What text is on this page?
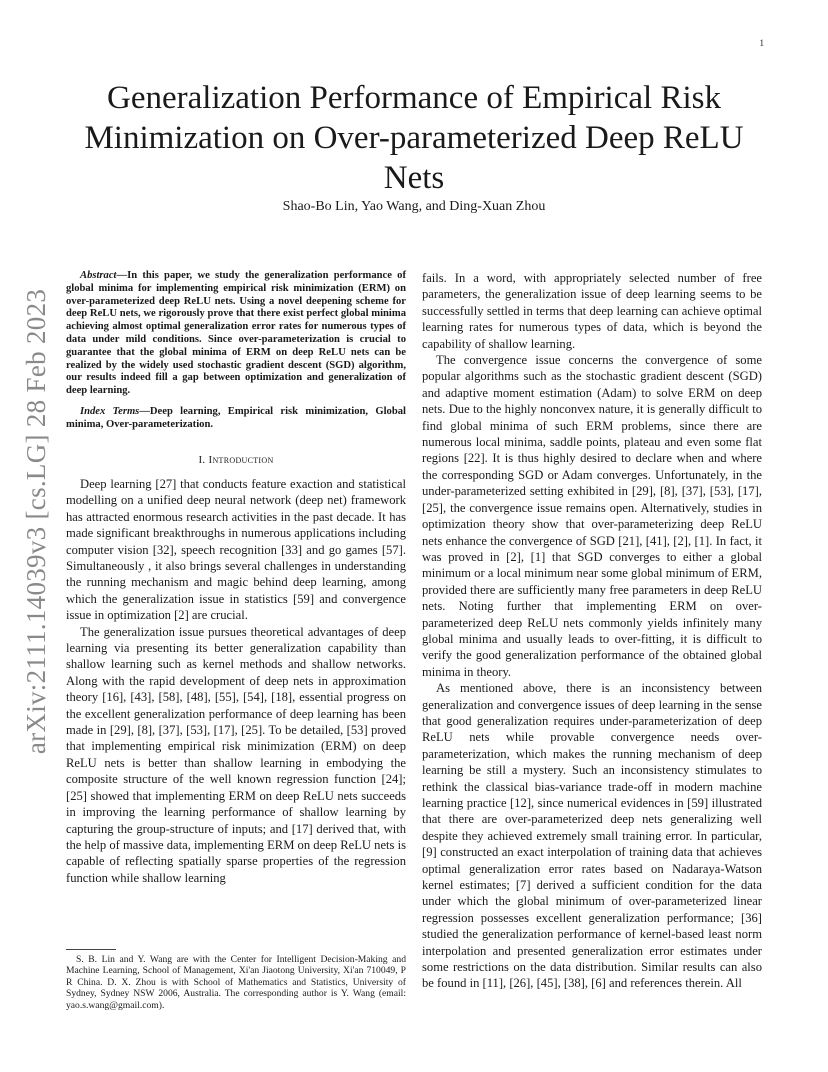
1
arXiv:2111.14039v3 [cs.LG] 28 Feb 2023
Generalization Performance of Empirical Risk Minimization on Over-parameterized Deep ReLU Nets
Shao-Bo Lin, Yao Wang, and Ding-Xuan Zhou

Abstract—In this paper, we study the generalization performance of global minima for implementing empirical risk minimization (ERM) on over-parameterized deep ReLU nets. Using a novel deepening scheme for deep ReLU nets, we rigorously prove that there exist perfect global minima achieving almost optimal generalization error rates for numerous types of data under mild conditions. Since over-parameterization is crucial to guarantee that the global minima of ERM on deep ReLU nets can be realized by the widely used stochastic gradient descent (SGD) algorithm, our results indeed fill a gap between optimization and generalization of deep learning.

Index Terms—Deep learning, Empirical risk minimization, Global minima, Over-parameterization.

I. Introduction

Deep learning [27] that conducts feature exaction and statistical modelling on a unified deep neural network (deep net) framework has attracted enormous research activities in the past decade. It has made significant breakthroughs in numerous applications including computer vision [32], speech recognition [33] and go games [57]. Simultaneously , it also brings several challenges in understanding the running mechanism and magic behind deep learning, among which the generalization issue in statistics [59] and convergence issue in optimization [2] are crucial.

The generalization issue pursues theoretical advantages of deep learning via presenting its better generalization capability than shallow learning such as kernel methods and shallow networks. Along with the rapid development of deep nets in approximation theory [16], [43], [58], [48], [55], [54], [18], essential progress on the excellent generalization performance of deep learning has been made in [29], [8], [37], [53], [17], [25]. To be detailed, [53] proved that implementing empirical risk minimization (ERM) on deep ReLU nets is better than shallow learning in embodying the composite structure of the well known regression function [24]; [25] showed that implementing ERM on deep ReLU nets succeeds in improving the learning performance of shallow learning by capturing the group-structure of inputs; and [17] derived that, with the help of massive data, implementing ERM on deep ReLU nets is capable of reflecting spatially sparse properties of the regression function while shallow learning

fails. In a word, with appropriately selected number of free parameters, the generalization issue of deep learning seems to be successfully settled in terms that deep learning can achieve optimal learning rates for numerous types of data, which is beyond the capability of shallow learning.

The convergence issue concerns the convergence of some popular algorithms such as the stochastic gradient descent (SGD) and adaptive moment estimation (Adam) to solve ERM on deep nets. Due to the highly nonconvex nature, it is generally difficult to find global minima of such ERM problems, since there are numerous local minima, saddle points, plateau and even some flat regions [22]. It is thus highly desired to declare when and where the corresponding SGD or Adam converges. Unfortunately, in the under-parameterized setting exhibited in [29], [8], [37], [53], [17], [25], the convergence issue remains open. Alternatively, studies in optimization theory show that over-parameterizing deep ReLU nets enhance the convergence of SGD [21], [41], [2], [1]. In fact, it was proved in [2], [1] that SGD converges to either a global minimum or a local minimum near some global minimum of ERM, provided there are sufficiently many free parameters in deep ReLU nets. Noting further that implementing ERM on over-parameterized deep ReLU nets commonly yields infinitely many global minima and usually leads to over-fitting, it is difficult to verify the good generalization performance of the obtained global minima in theory.

As mentioned above, there is an inconsistency between generalization and convergence issues of deep learning in the sense that good generalization requires under-parameterization of deep ReLU nets while provable convergence needs over-parameterization, which makes the running mechanism of deep learning be still a mystery. Such an inconsistency stimulates to rethink the classical bias-variance trade-off in modern machine learning practice [12], since numerical evidences in [59] illustrated that there are over-parameterized deep nets generalizing well despite they achieved extremely small training error. In particular, [9] constructed an exact interpolation of training data that achieves optimal generalization error rates based on Nadaraya-Watson kernel estimates; [7] derived a sufficient condition for the data under which the global minimum of over-parameterized linear regression possesses excellent generalization performance; [36] studied the generalization performance of kernel-based least norm interpolation and presented generalization error estimates under some restrictions on the data distribution. Similar results can also be found in [11], [26], [45], [38], [6] and references therein. All

S. B. Lin and Y. Wang are with the Center for Intelligent Decision-Making and Machine Learning, School of Management, Xi'an Jiaotong University, Xi'an 710049, P R China. D. X. Zhou is with School of Mathematics and Statistics, University of Sydney, Sydney NSW 2006, Australia. The corresponding author is Y. Wang (email: yao.s.wang@gmail.com).
